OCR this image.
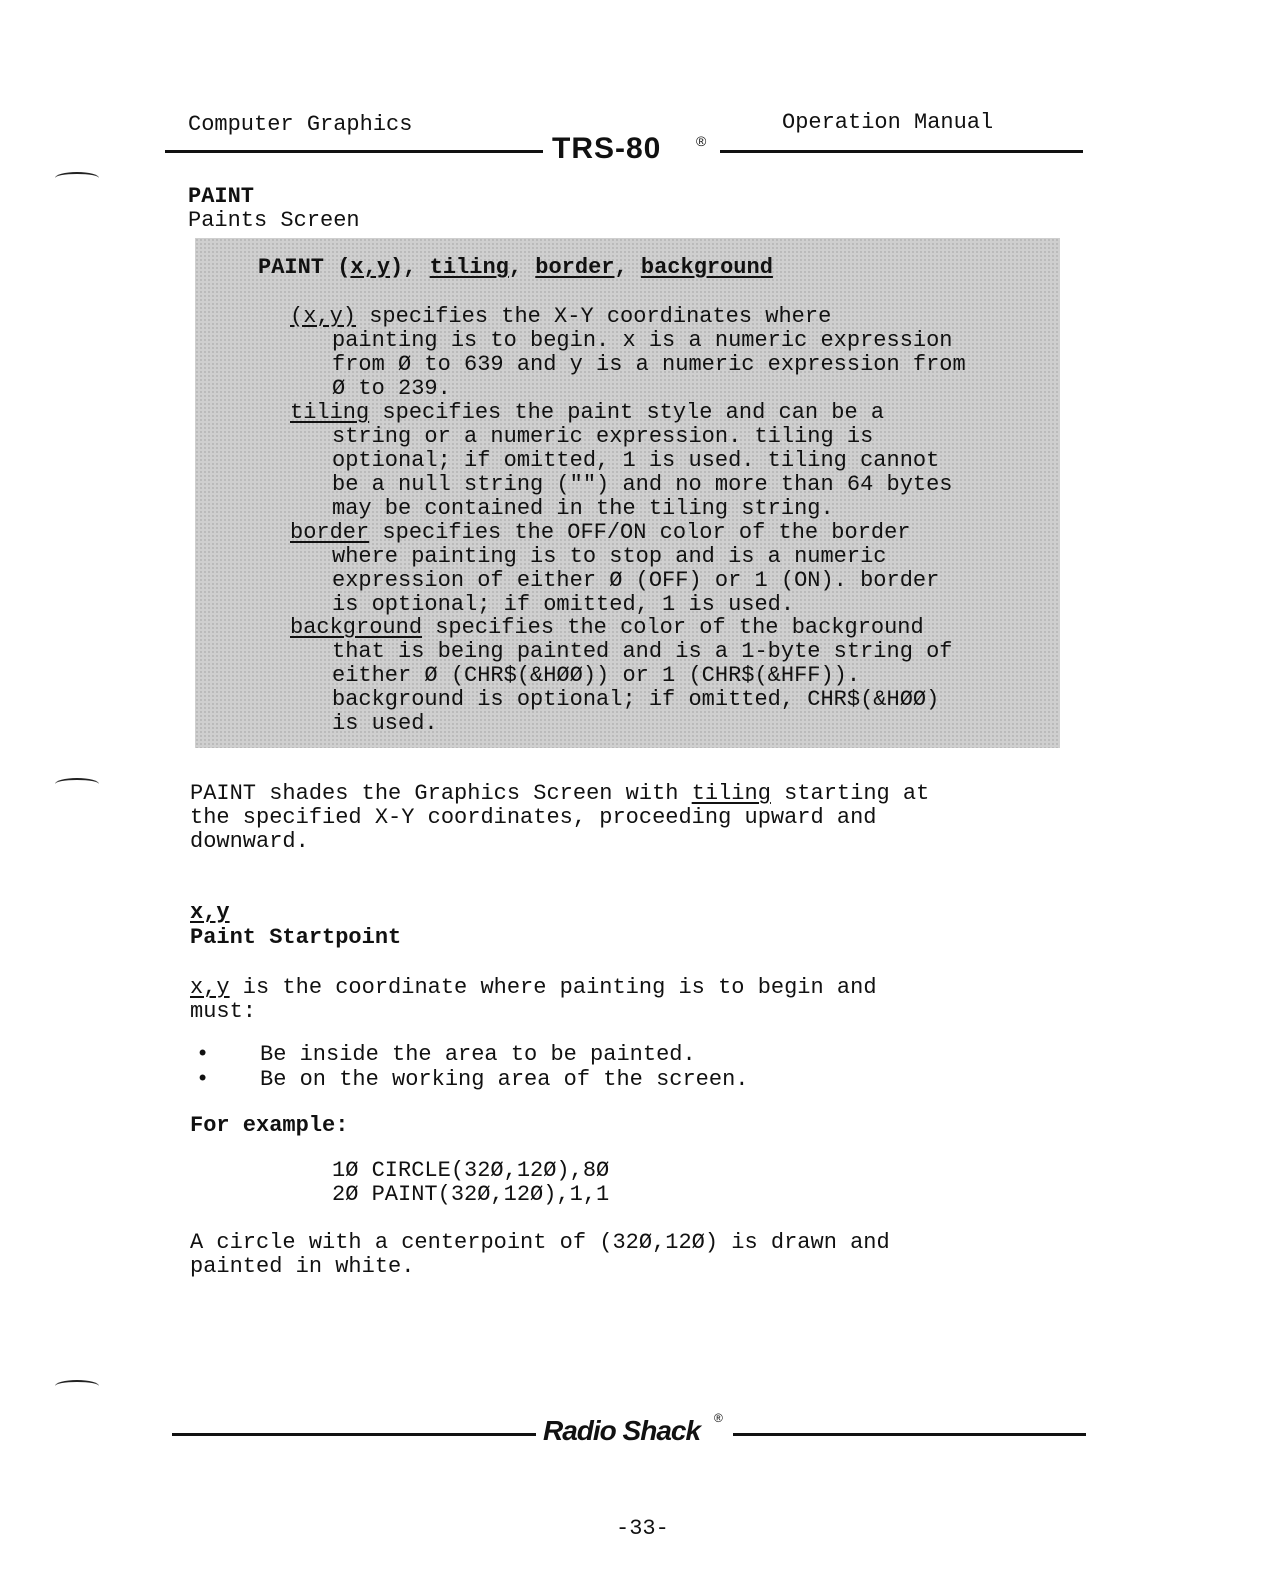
Computer Graphics	Operation Manual
TRS-80 ®
PAINT
Paints Screen
PAINT (x,y), tiling, border, background
(x,y) specifies the X-Y coordinates where
painting is to begin. x is a numeric expression
from Ø to 639 and y is a numeric expression from
Ø to 239.
tiling specifies the paint style and can be a
string or a numeric expression. tiling is
optional; if omitted, 1 is used. tiling cannot
be a null string ("") and no more than 64 bytes
may be contained in the tiling string.
border specifies the OFF/ON color of the border
where painting is to stop and is a numeric
expression of either Ø (OFF) or 1 (ON). border
is optional; if omitted, 1 is used.
background specifies the color of the background
that is being painted and is a 1-byte string of
either Ø (CHR$(&HØØ)) or 1 (CHR$(&HFF)).
background is optional; if omitted, CHR$(&HØØ)
is used.
PAINT shades the Graphics Screen with tiling starting at
the specified X-Y coordinates, proceeding upward and
downward.
x,y
Paint Startpoint
x,y is the coordinate where painting is to begin and
must:
• Be inside the area to be painted.
• Be on the working area of the screen.
For example:
1Ø CIRCLE(32Ø,12Ø),8Ø
2Ø PAINT(32Ø,12Ø),1,1
A circle with a centerpoint of (32Ø,12Ø) is drawn and
painted in white.
Radio Shack ®
-33-
